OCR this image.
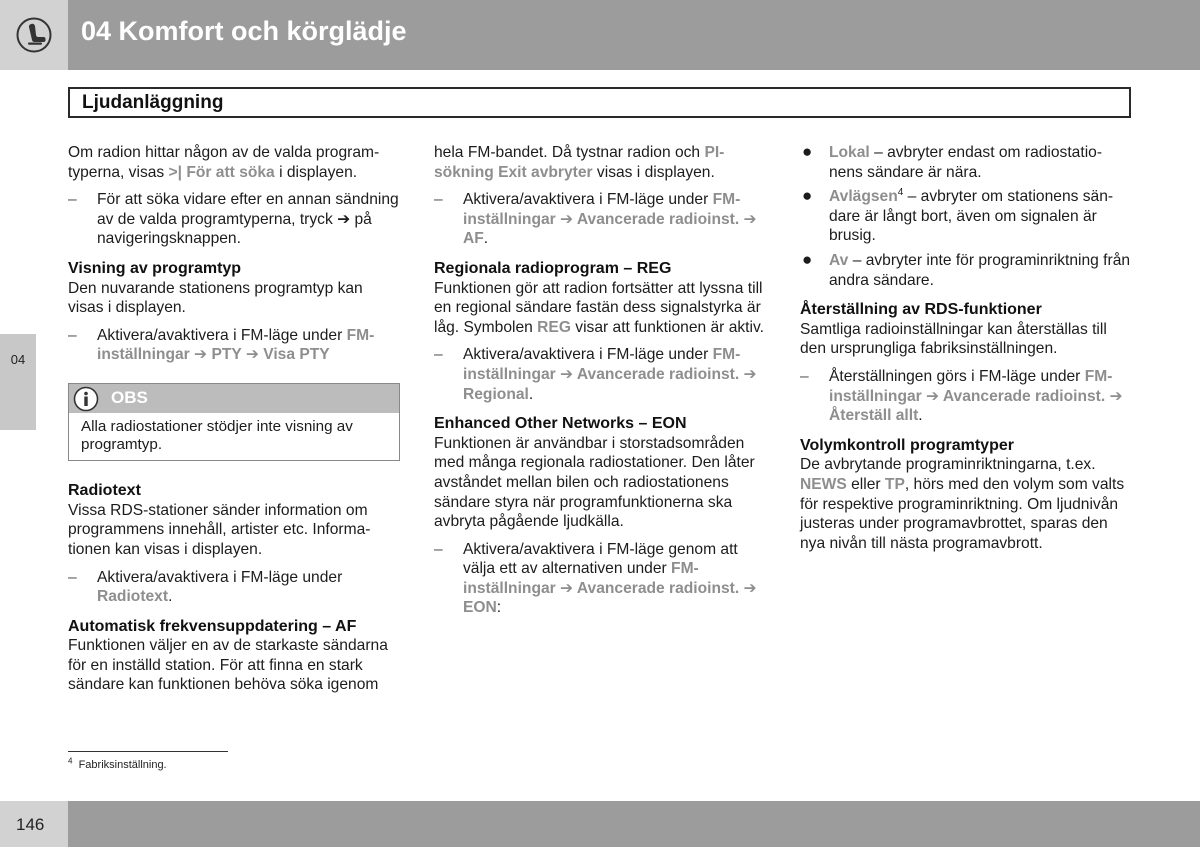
04 Komfort och körglädje
Ljudanläggning
04

Om radion hittar någon av de valda program-typerna, visas >| För att söka i displayen.

– För att söka vidare efter en annan sändning av de valda programtyperna, tryck ➔ på navigeringsknappen.

Visning av programtyp

Den nuvarande stationens programtyp kan visas i displayen.

– Aktivera/avaktivera i FM-läge under FM-inställningar ➔ PTY ➔ Visa PTY
OBS
Alla radiostationer stödjer inte visning av programtyp.

Radiotext

Vissa RDS-stationer sänder information om programmens innehåll, artister etc. Informa-tionen kan visas i displayen.

– Aktivera/avaktivera i FM-läge under Radiotext.

Automatisk frekvensuppdatering – AF

Funktionen väljer en av de starkaste sändarna för en inställd station. För att finna en stark sändare kan funktionen behöva söka igenom

hela FM-bandet. Då tystnar radion och PI-sökning Exit avbryter visas i displayen.

– Aktivera/avaktivera i FM-läge under FM-inställningar ➔ Avancerade radioinst. ➔ AF.

Regionala radioprogram – REG

Funktionen gör att radion fortsätter att lyssna till en regional sändare fastän dess signalstyrka är låg. Symbolen REG visar att funktionen är aktiv.

– Aktivera/avaktivera i FM-läge under FM-inställningar ➔ Avancerade radioinst. ➔ Regional.

Enhanced Other Networks – EON

Funktionen är användbar i storstadsområden med många regionala radiostationer. Den låter avståndet mellan bilen och radiostationens sändare styra när programfunktionerna ska avbryta pågående ljudkälla.

– Aktivera/avaktivera i FM-läge genom att välja ett av alternativen under FM-inställningar ➔ Avancerade radioinst. ➔ EON:
● Lokal – avbryter endast om radiostatio-nens sändare är nära.
● Avlägsen$^4$ – avbryter om stationens sän-dare är långt bort, även om signalen är brusig.
● Av – avbryter inte för programinriktning från andra sändare.

Återställning av RDS-funktioner

Samtliga radioinställningar kan återställas till den ursprungliga fabriksinställningen.

– Återställningen görs i FM-läge under FM-inställningar ➔ Avancerade radioinst. ➔ Återställ allt.

Volymkontroll programtyper

De avbrytande programinriktningarna, t.ex. NEWS eller TP, hörs med den volym som valts för respektive programinriktning. Om ljudnivån justeras under programavbrottet, sparas den nya nivån till nästa programavbrott.

$^4$ Fabriksinställning.
146
